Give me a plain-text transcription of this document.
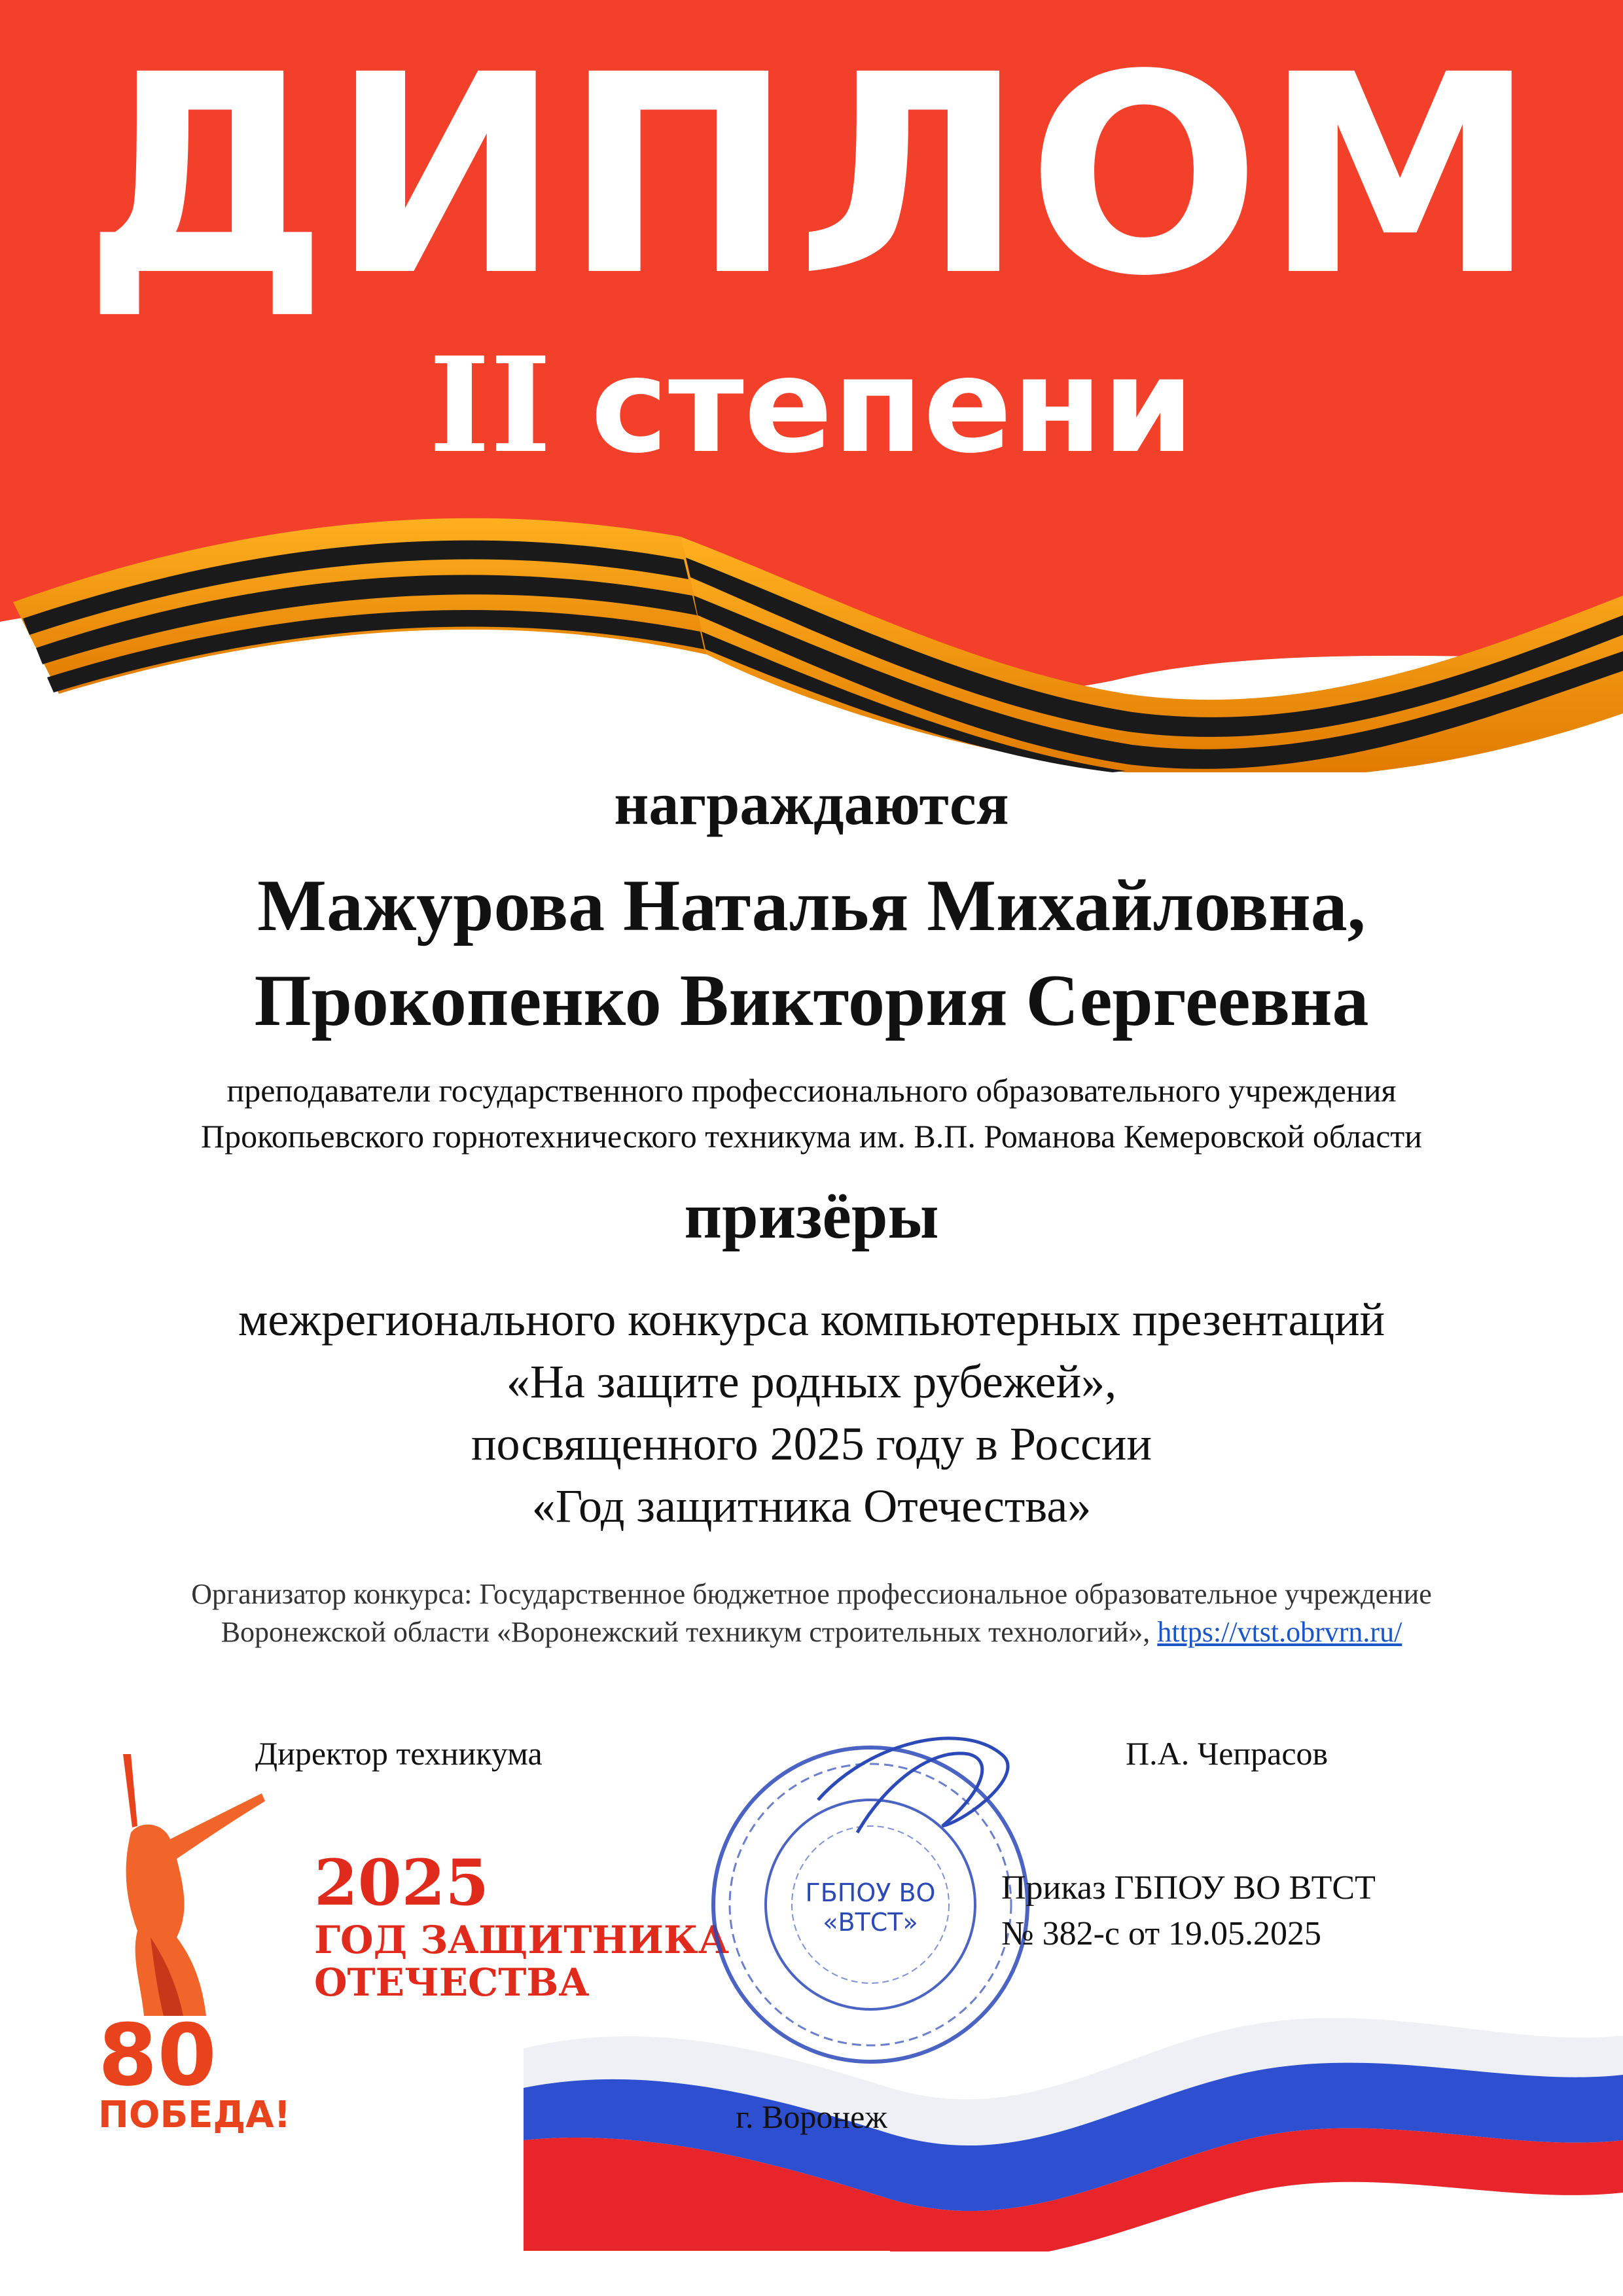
ДИПЛОМ
II степени
награждаются
Мажурова Наталья Михайловна,
Прокопенко Виктория Сергеевна
преподаватели государственного профессионального образовательного учреждения
Прокопьевского горнотехнического техникума им. В.П. Романова Кемеровской области
призёры
межрегионального конкурса компьютерных презентаций
«На защите родных рубежей»,
посвященного 2025 году в России
«Год защитника Отечества»
Организатор конкурса: Государственное бюджетное профессиональное образовательное учреждение
Воронежской области «Воронежский техникум строительных технологий», https://vtst.obrvrn.ru/
Директор техникума	П.А. Чепрасов
80
ПОБЕДА!
2025
ГОД ЗАЩИТНИКА
ОТЕЧЕСТВА
ГБПОУ ВО
«ВТСТ»
Приказ ГБПОУ ВО ВТСТ
№ 382-с от 19.05.2025
г. Воронеж
